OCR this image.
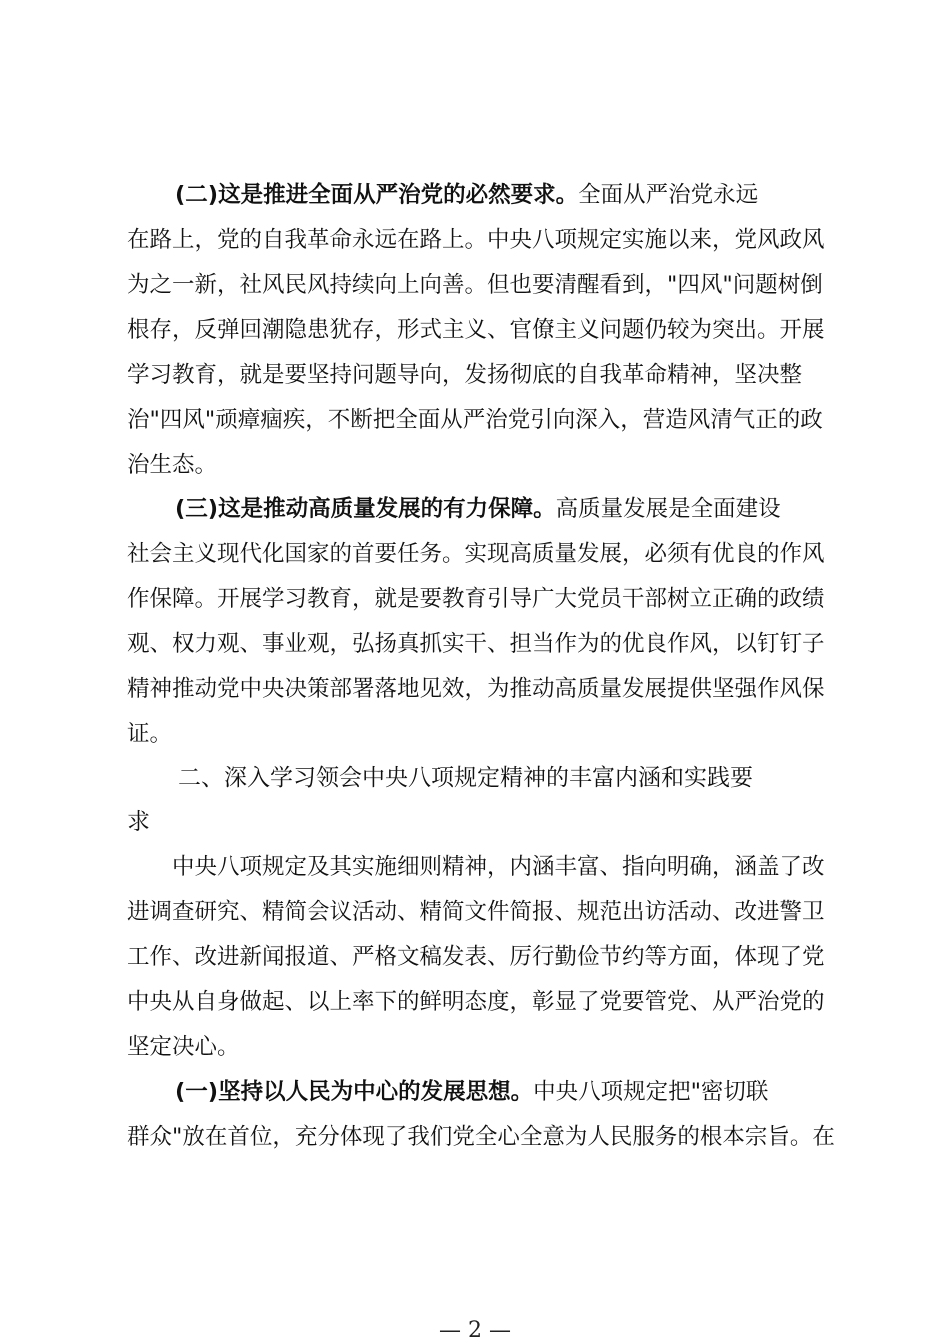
(二)这是推进全面从严治党的必然要求。全面从严治党永远

在路上，党的自我革命永远在路上。中央八项规定实施以来，党风政风

为之一新，社风民风持续向上向善。但也要清醒看到，"四风"问题树倒

根存，反弹回潮隐患犹存，形式主义、官僚主义问题仍较为突出。开展

学习教育，就是要坚持问题导向，发扬彻底的自我革命精神，坚决整

治"四风"顽瘴痼疾，不断把全面从严治党引向深入，营造风清气正的政

治生态。

(三)这是推动高质量发展的有力保障。高质量发展是全面建设

社会主义现代化国家的首要任务。实现高质量发展，必须有优良的作风

作保障。开展学习教育，就是要教育引导广大党员干部树立正确的政绩

观、权力观、事业观，弘扬真抓实干、担当作为的优良作风，以钉钉子

精神推动党中央决策部署落地见效，为推动高质量发展提供坚强作风保

证。

二、深入学习领会中央八项规定精神的丰富内涵和实践要

求

中央八项规定及其实施细则精神，内涵丰富、指向明确，涵盖了改

进调查研究、精简会议活动、精简文件简报、规范出访活动、改进警卫

工作、改进新闻报道、严格文稿发表、厉行勤俭节约等方面，体现了党

中央从自身做起、以上率下的鲜明态度，彰显了党要管党、从严治党的

坚定决心。

(一)坚持以人民为中心的发展思想。中央八项规定把"密切联

群众"放在首位，充分体现了我们党全心全意为人民服务的根本宗旨。在

— 2 —
